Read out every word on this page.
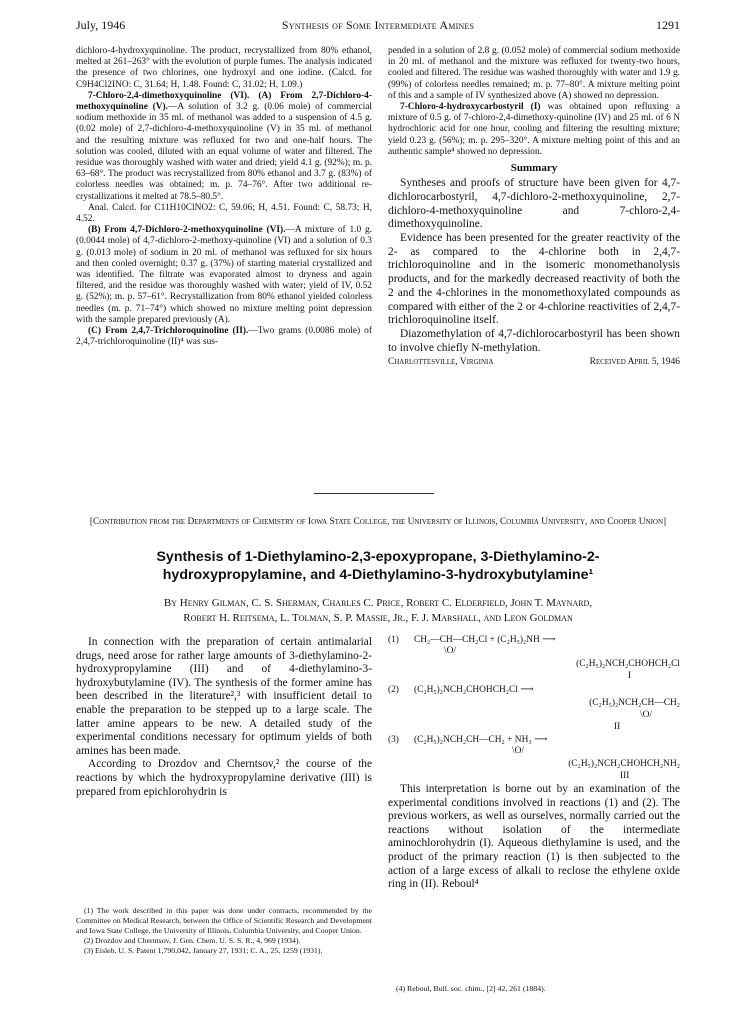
July, 1946	Synthesis of Some Intermediate Amines	1291

dichloro-4-hydroxyquinoline. The product, recrystallized from 80% ethanol, melted at 261–263° with the evolution of purple fumes. The analysis indicated the presence of two chlorines, one hydroxyl and one iodine. (Calcd. for C9H4Cl2INO: C, 31.64; H, 1.48. Found: C, 31.02; H, 1.09.)

7-Chloro-2,4-dimethoxyquinoline (VI). (A) From 2,7-Dichloro-4-methoxyquinoline (V).—A solution of 3.2 g. (0.06 mole) of commercial sodium methoxide in 35 ml. of methanol was added to a suspension of 4.5 g. (0.02 mole) of 2,7-dichloro-4-methoxyquinoline (V) in 35 ml. of methanol and the resulting mixture was refluxed for two and one-half hours. The solution was cooled, diluted with an equal volume of water and filtered. The residue was thoroughly washed with water and dried; yield 4.1 g. (92%); m. p. 63–68°. The product was recrystallized from 80% ethanol and 3.7 g. (83%) of colorless needles was obtained; m. p. 74–76°. After two additional re-crystallizations it melted at 78.5–80.5°.

Anal. Calcd. for C11H10ClNO2: C, 59.06; H, 4.51. Found: C, 58.73; H, 4.52.

(B) From 4,7-Dichloro-2-methoxyquinoline (VI).—A mixture of 1.0 g. (0.0044 mole) of 4,7-dichloro-2-methoxy-quinoline (VI) and a solution of 0.3 g. (0.013 mole) of sodium in 20 ml. of methanol was refluxed for six hours and then cooled overnight; 0.37 g. (37%) of starting material crystallized and was identified. The filtrate was evaporated almost to dryness and again filtered, and the residue was thoroughly washed with water; yield of IV, 0.52 g. (52%); m. p. 57–61°. Recrystallization from 80% ethanol yielded colorless needles (m. p. 71–74°) which showed no mixture melting point depression with the sample prepared previously (A).

(C) From 2,4,7-Trichloroquinoline (II).—Two grams (0.0086 mole) of 2,4,7-trichloroquinoline (II)⁴ was sus-

pended in a solution of 2.8 g. (0.052 mole) of commercial sodium methoxide in 20 ml. of methanol and the mixture was refluxed for twenty-two hours, cooled and filtered. The residue was washed thoroughly with water and 1.9 g. (99%) of colorless needles remained; m. p. 77–80°. A mixture melting point of this and a sample of IV synthesized above (A) showed no depression.

7-Chloro-4-hydroxycarbostyril (I) was obtained upon refluxing a mixture of 0.5 g. of 7-chloro-2,4-dimethoxy-quinoline (IV) and 25 ml. of 6 N hydrochloric acid for one hour, cooling and filtering the resulting mixture; yield 0.23 g. (56%); m. p. 295–320°. A mixture melting point of this and an authentic sample⁴ showed no depression.

Summary

Syntheses and proofs of structure have been given for 4,7-dichlorocarbostyril, 4,7-dichloro-2-methoxyquinoline, 2,7-dichloro-4-methoxyquinoline and 7-chloro-2,4-dimethoxyquinoline.

Evidence has been presented for the greater reactivity of the 2- as compared to the 4-chlorine both in 2,4,7-trichloroquinoline and in the isomeric monomethanolysis products, and for the markedly decreased reactivity of both the 2 and the 4-chlorines in the monomethoxylated compounds as compared with either of the 2 or 4-chlorine reactivities of 2,4,7-trichloroquinoline itself.

Diazomethylation of 4,7-dichlorocarbostyril has been shown to involve chiefly N-methylation.

Charlottesville, Virginia	Received April 5, 1946
[Contribution from the Departments of Chemistry of Iowa State College, the University of Illinois, Columbia University, and Cooper Union]
Synthesis of 1-Diethylamino-2,3-epoxypropane, 3-Diethylamino-2-
hydroxypropylamine, and 4-Diethylamino-3-hydroxybutylamine¹
By Henry Gilman, C. S. Sherman, Charles C. Price, Robert C. Elderfield, John T. Maynard,
Robert H. Reitsema, L. Tolman, S. P. Massie, Jr., F. J. Marshall, and Leon Goldman

In connection with the preparation of certain antimalarial drugs, need arose for rather large amounts of 3-diethylamino-2-hydroxypropylamine (III) and of 4-diethylamino-3-hydroxybutylamine (IV). The synthesis of the former amine has been described in the literature²,³ with insufficient detail to enable the preparation to be stepped up to a large scale. The latter amine appears to be new. A detailed study of the experimental conditions necessary for optimum yields of both amines has been made.

According to Drozdov and Cherntsov,² the course of the reactions by which the hydroxypropylamine derivative (III) is prepared from epichlorohydrin is

(1) The work described in this paper was done under contracts, recommended by the Committee on Medical Research, between the Office of Scientific Research and Development and Iowa State College, the University of Illinois, Columbia University, and Cooper Union.

(2) Drozdov and Cherntsov, J. Gen. Chem. U. S. S. R., 4, 969 (1934).

(3) Eisleb, U. S. Patent 1,790,042, January 27, 1931; C. A., 25, 1259 (1931).

(1) CH₂—CH—CH₂Cl + (C₂H₅)₂NH ⟶
\O/
(C₂H₅)₂NCH₂CHOHCH₂Cl
I
(2) (C₂H₅)₂NCH₂CHOHCH₂Cl ⟶
(C₂H₅)₂NCH₂CH—CH₂
\O/
II
(3) (C₂H₅)₂NCH₂CH—CH₂ + NH₃ ⟶
\O/
(C₂H₅)₂NCH₂CHOHCH₂NH₂
III

This interpretation is borne out by an examination of the experimental conditions involved in reactions (1) and (2). The previous workers, as well as ourselves, normally carried out the reactions without isolation of the intermediate aminochlorohydrin (I). Aqueous diethylamine is used, and the product of the primary reaction (1) is then subjected to the action of a large excess of alkali to reclose the ethylene oxide ring in (II). Reboul⁴

(4) Reboul, Bull. soc. chim., [2] 42, 261 (1884).
